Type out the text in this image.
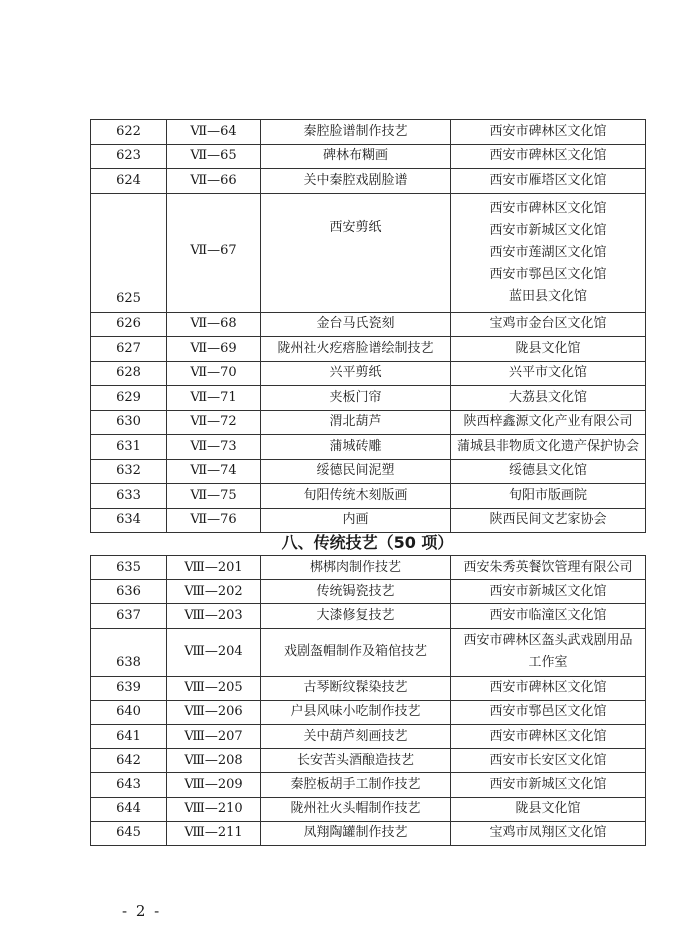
622	Ⅶ—64	秦腔脸谱制作技艺	西安市碑林区文化馆
623	Ⅶ—65	碑林布糊画	西安市碑林区文化馆
624	Ⅶ—66	关中秦腔戏剧脸谱	西安市雁塔区文化馆
625	Ⅶ—67	西安剪纸	西安市碑林区文化馆
西安市新城区文化馆
西安市莲湖区文化馆
西安市鄠邑区文化馆
蓝田县文化馆

626	Ⅶ—68	金台马氏瓷刻	宝鸡市金台区文化馆
627	Ⅶ—69	陇州社火疙瘩脸谱绘制技艺	陇县文化馆
628	Ⅶ—70	兴平剪纸	兴平市文化馆
629	Ⅶ—71	夹板门帘	大荔县文化馆
630	Ⅶ—72	渭北葫芦	陕西梓鑫源文化产业有限公司
631	Ⅶ—73	蒲城砖雕	蒲城县非物质文化遗产保护协会
632	Ⅶ—74	绥德民间泥塑	绥德县文化馆
633	Ⅶ—75	旬阳传统木刻版画	旬阳市版画院
634	Ⅶ—76	内画	陕西民间文艺家协会
八、传统技艺（50 项）
635	Ⅷ—201	梆梆肉制作技艺	西安朱秀英餐饮管理有限公司
636	Ⅷ—202	传统锔瓷技艺	西安市新城区文化馆
637	Ⅷ—203	大漆修复技艺	西安市临潼区文化馆
638	Ⅷ—204	戏剧盔帽制作及箱倌技艺	西安市碑林区盔头武戏剧用品
工作室

639	Ⅷ—205	古琴断纹髹染技艺	西安市碑林区文化馆
640	Ⅷ—206	户县风味小吃制作技艺	西安市鄠邑区文化馆
641	Ⅷ—207	关中葫芦刻画技艺	西安市碑林区文化馆
642	Ⅷ—208	长安苦头酒酿造技艺	西安市长安区文化馆
643	Ⅷ—209	秦腔板胡手工制作技艺	西安市新城区文化馆
644	Ⅷ—210	陇州社火头帽制作技艺	陇县文化馆
645	Ⅷ—211	凤翔陶罐制作技艺	宝鸡市凤翔区文化馆
- 2 -
